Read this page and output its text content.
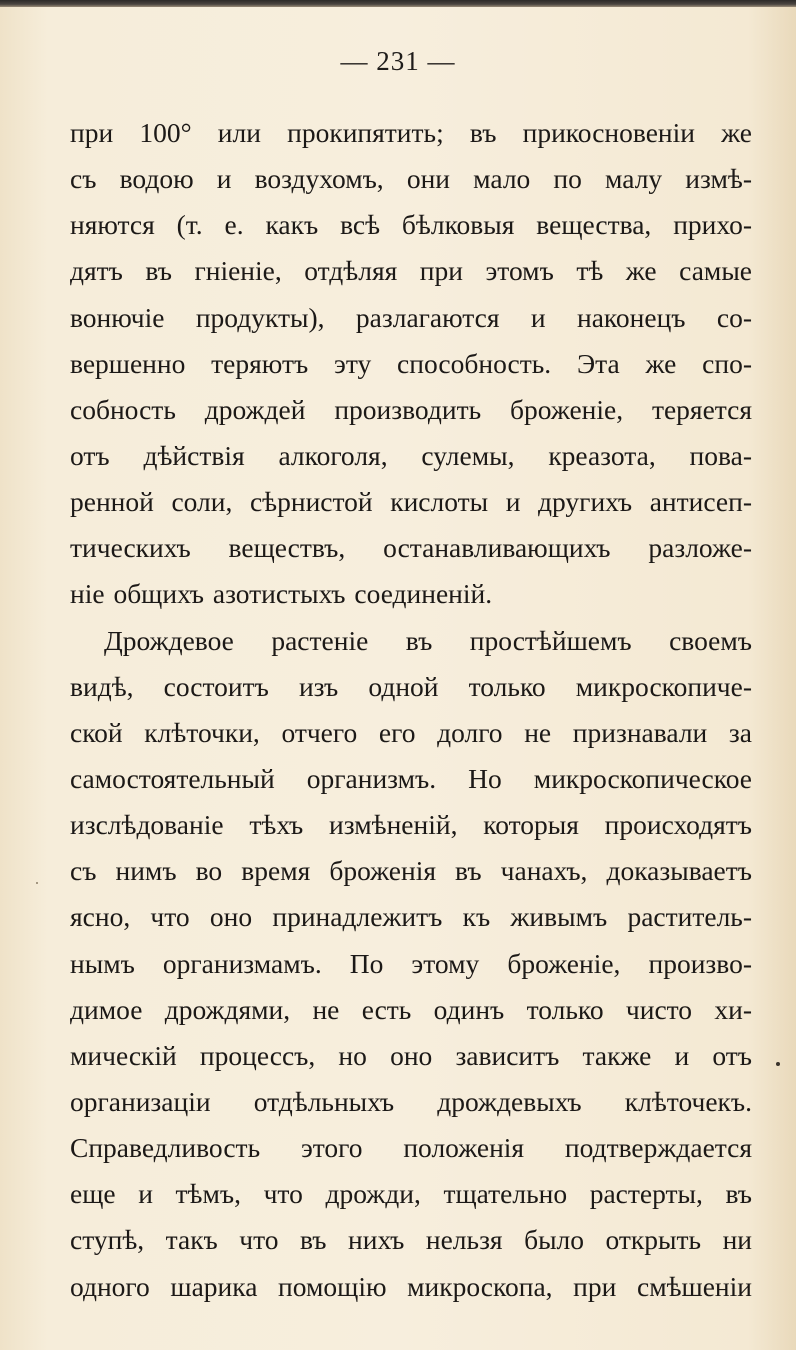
— 231 —
при 100° или прокипятить; въ прикосновенiи же
съ водою и воздухомъ, они мало по малу измѣ-
няются (т. е. какъ всѣ бѣлковыя вещества, прихо-
дятъ въ гнiенiе, отдѣляя при этомъ тѣ же самые
вонючiе продукты), разлагаются и наконецъ со-
вершенно теряютъ эту способность. Эта же спо-
собность дрождей производить броженiе, теряется
отъ дѣйствiя алкоголя, сулемы, креазота, пова-
ренной соли, сѣрнистой кислоты и другихъ антисеп-
тическихъ веществъ, останавливающихъ разложе-
нiе общихъ азотистыхъ соединенiй.
Дрождевое растенiе въ простѣйшемъ своемъ
видѣ, состоитъ изъ одной только микроскопиче-
ской клѣточки, отчего его долго не признавали за
самостоятельный организмъ. Но микроскопическое
изслѣдованiе тѣхъ измѣненiй, которыя происходятъ
съ нимъ во время броженiя въ чанахъ, доказываетъ
ясно, что оно принадлежитъ къ живымъ раститель-
нымъ организмамъ. По этому броженiе, произво-
димое дрождями, не есть одинъ только чисто хи-
мическiй процессъ, но оно зависитъ также и отъ
организацiи отдѣльныхъ дрождевыхъ клѣточекъ.
Справедливость этого положенiя подтверждается
еще и тѣмъ, что дрожди, тщательно растерты, въ
ступѣ, такъ что въ нихъ нельзя было открыть ни
одного шарика помощiю микроскопа, при смѣшенiи
